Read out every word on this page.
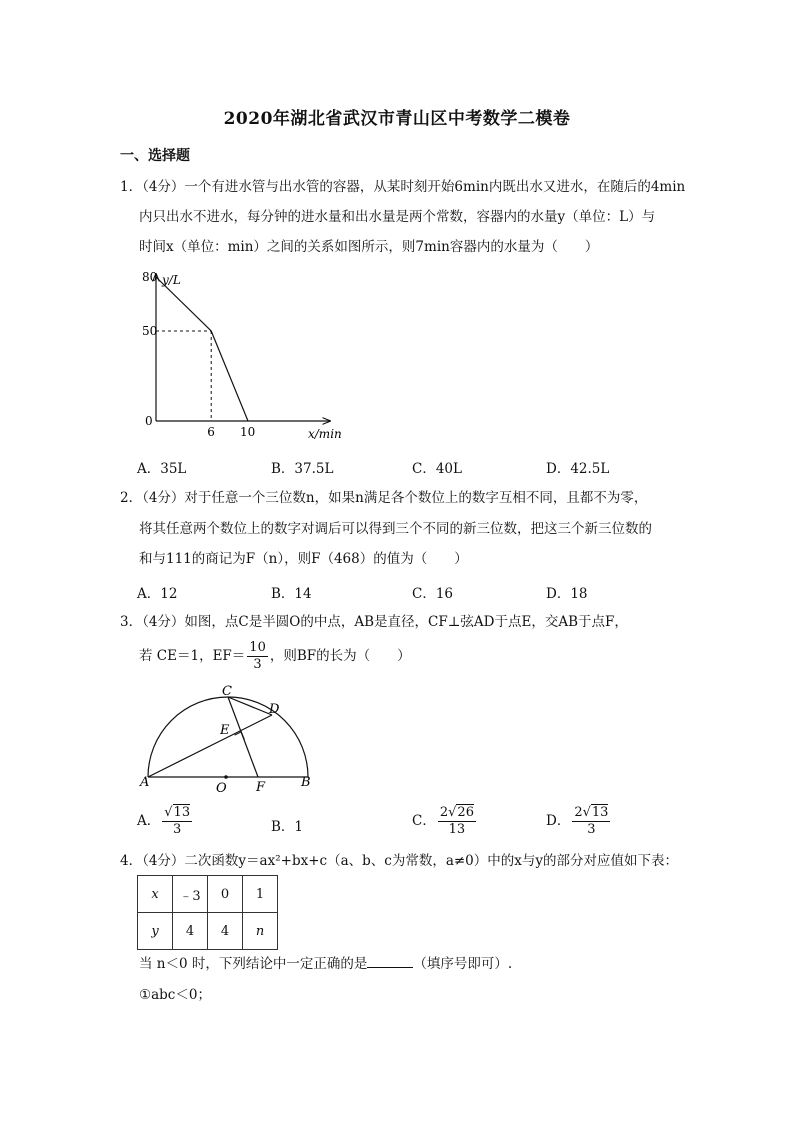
2020年湖北省武汉市青山区中考数学二模卷
一、选择题
1．（4分）一个有进水管与出水管的容器，从某时刻开始6min内既出水又进水，在随后的4min
内只出水不进水，每分钟的进水量和出水量是两个常数，容器内的水量y（单位：L）与
时间x（单位：min）之间的关系如图所示，则7min容器内的水量为（　　）
80
50
6 10
0
y/L
x/min
A．35L	B．37.5L	C．40L	D．42.5L
2．（4分）对于任意一个三位数n，如果n满足各个数位上的数字互相不同，且都不为零，
将其任意两个数位上的数字对调后可以得到三个不同的新三位数，把这三个新三位数的
和与111的商记为F（n），则F（468）的值为（　　）
A．12	B．14	C．16	D．18
3．（4分）如图，点C是半圆O的中点，AB是直径，CF⊥弦AD于点E，交AB于点F，
若 CE＝1，$EF= \frac{10}{3}$ ，则BF的长为（　　）
C
D
E
A	B
O F
A． $\frac{√13}{3}$	B．1	C． $\frac{2√26}{13}$	D． $\frac{2√13}{3}$
4．（4分）二次函数y＝ax²+bx+c（a、b、c为常数，a≠0）中的x与y的部分对应值如下表：
x	﹣3	0	1
y	4	4	n
当 n＜0 时，下列结论中一定正确的是	（填序号即可）.
①abc＜0；
